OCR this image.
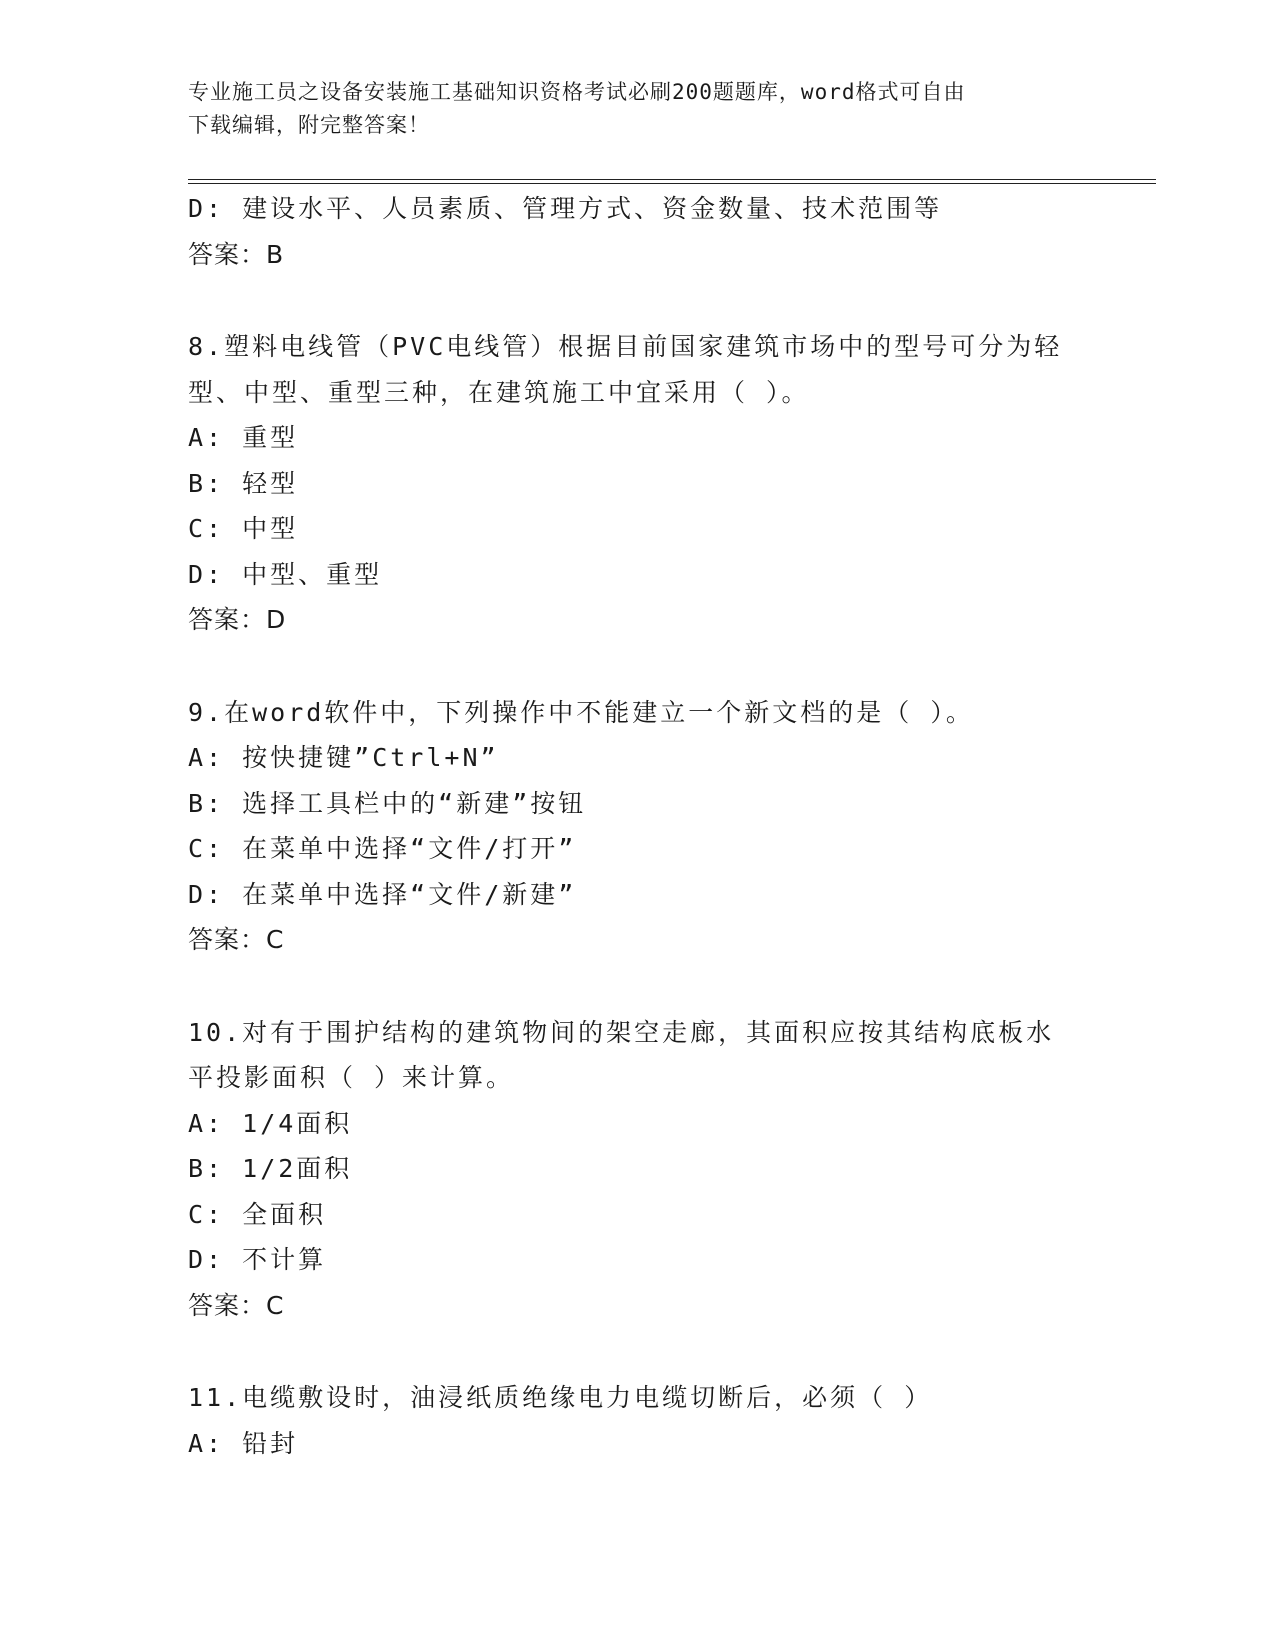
专业施工员之设备安装施工基础知识资格考试必刷200题题库，word格式可自由
下载编辑，附完整答案！
D: 建设水平、人员素质、管理方式、资金数量、技术范围等
答案：B
8.塑料电线管（PVC电线管）根据目前国家建筑市场中的型号可分为轻
型、中型、重型三种，在建筑施工中宜采用（ ）。
A: 重型
B: 轻型
C: 中型
D: 中型、重型
答案：D
9.在word软件中，下列操作中不能建立一个新文档的是（ ）。
A: 按快捷键”Ctrl+N”
B: 选择工具栏中的“新建”按钮
C: 在菜单中选择“文件/打开”
D: 在菜单中选择“文件/新建”
答案：C
10.对有于围护结构的建筑物间的架空走廊，其面积应按其结构底板水
平投影面积（ ）来计算。
A: 1/4面积
B: 1/2面积
C: 全面积
D: 不计算
答案：C
11.电缆敷设时，油浸纸质绝缘电力电缆切断后，必须（ ）
A: 铅封
